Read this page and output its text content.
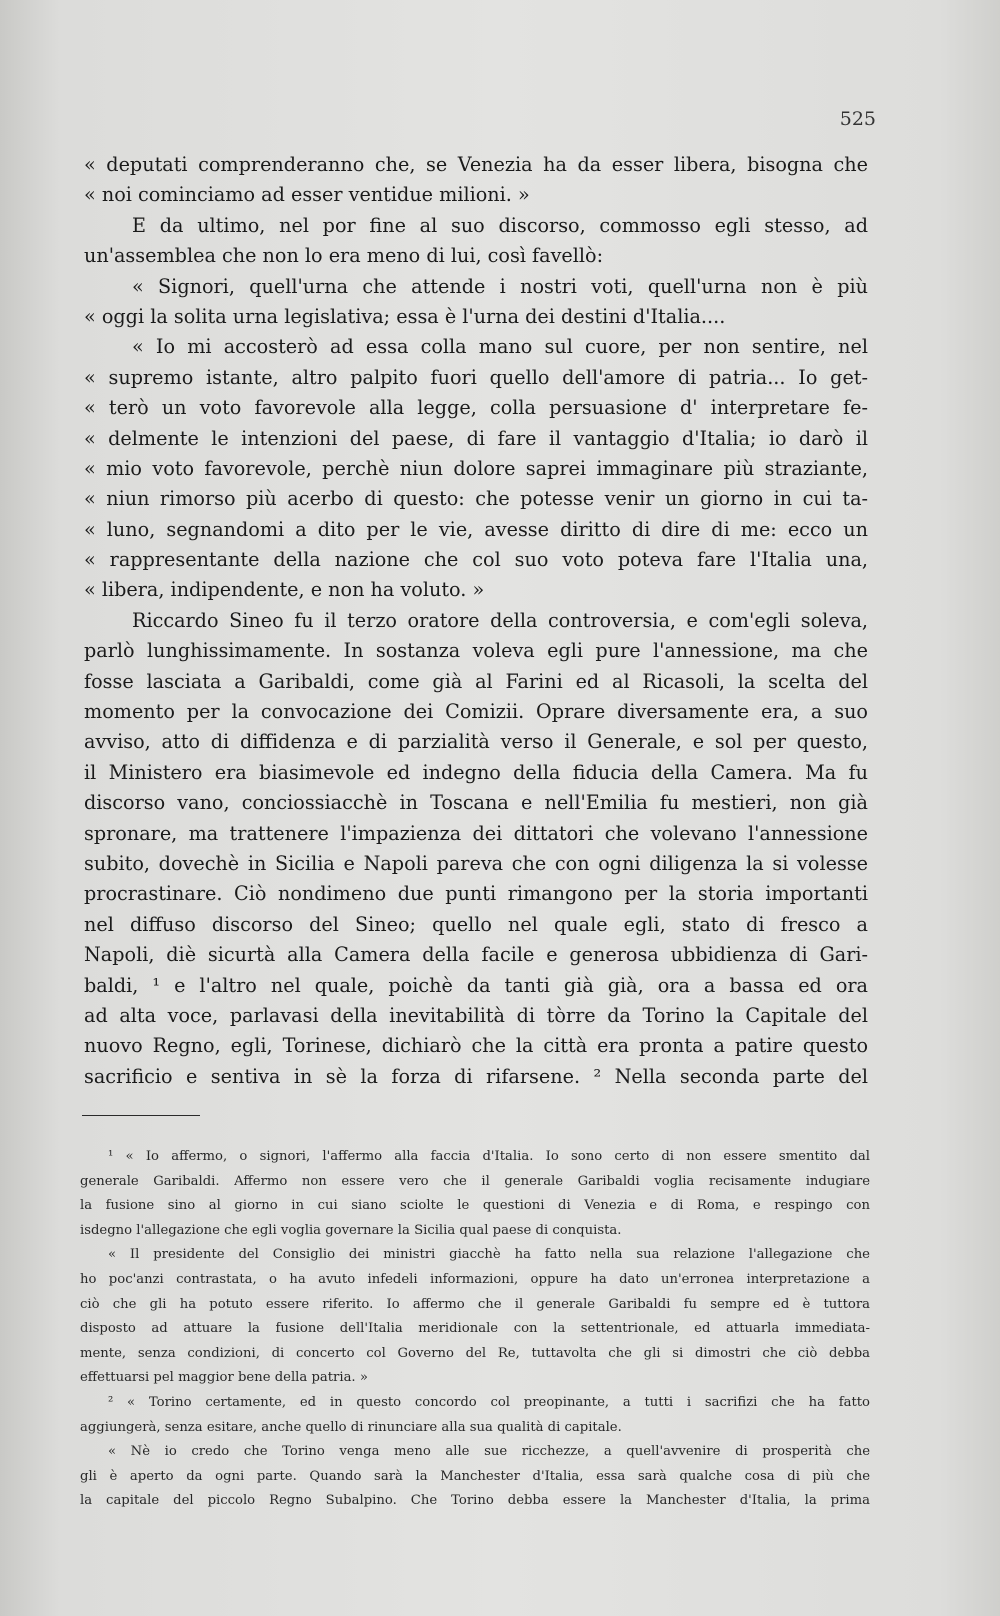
525
« deputati comprenderanno che, se Venezia ha da esser libera, bisogna che
« noi cominciamo ad esser ventidue milioni. »
E da ultimo, nel por fine al suo discorso, commosso egli stesso, ad
un'assemblea che non lo era meno di lui, così favellò:
« Signori, quell'urna che attende i nostri voti, quell'urna non è più
« oggi la solita urna legislativa; essa è l'urna dei destini d'Italia....
« Io mi accosterò ad essa colla mano sul cuore, per non sentire, nel
« supremo istante, altro palpito fuori quello dell'amore di patria... Io get-
« terò un voto favorevole alla legge, colla persuasione d' interpretare fe-
« delmente le intenzioni del paese, di fare il vantaggio d'Italia; io darò il
« mio voto favorevole, perchè niun dolore saprei immaginare più straziante,
« niun rimorso più acerbo di questo: che potesse venir un giorno in cui ta-
« luno, segnandomi a dito per le vie, avesse diritto di dire di me: ecco un
« rappresentante della nazione che col suo voto poteva fare l'Italia una,
« libera, indipendente, e non ha voluto. »
Riccardo Sineo fu il terzo oratore della controversia, e com'egli soleva,
parlò lunghissimamente. In sostanza voleva egli pure l'annessione, ma che
fosse lasciata a Garibaldi, come già al Farini ed al Ricasoli, la scelta del
momento per la convocazione dei Comizii. Oprare diversamente era, a suo
avviso, atto di diffidenza e di parzialità verso il Generale, e sol per questo,
il Ministero era biasimevole ed indegno della fiducia della Camera. Ma fu
discorso vano, conciossiacchè in Toscana e nell'Emilia fu mestieri, non già
spronare, ma trattenere l'impazienza dei dittatori che volevano l'annessione
subito, dovechè in Sicilia e Napoli pareva che con ogni diligenza la si volesse
procrastinare. Ciò nondimeno due punti rimangono per la storia importanti
nel diffuso discorso del Sineo; quello nel quale egli, stato di fresco a
Napoli, diè sicurtà alla Camera della facile e generosa ubbidienza di Gari-
baldi, ¹ e l'altro nel quale, poichè da tanti già già, ora a bassa ed ora
ad alta voce, parlavasi della inevitabilità di tòrre da Torino la Capitale del
nuovo Regno, egli, Torinese, dichiarò che la città era pronta a patire questo
sacrificio e sentiva in sè la forza di rifarsene. ² Nella seconda parte del
¹ « Io affermo, o signori, l'affermo alla faccia d'Italia. Io sono certo di non essere smentito dal
generale Garibaldi. Affermo non essere vero che il generale Garibaldi voglia recisamente indugiare
la fusione sino al giorno in cui siano sciolte le questioni di Venezia e di Roma, e respingo con
isdegno l'allegazione che egli voglia governare la Sicilia qual paese di conquista.
« Il presidente del Consiglio dei ministri giacchè ha fatto nella sua relazione l'allegazione che
ho poc'anzi contrastata, o ha avuto infedeli informazioni, oppure ha dato un'erronea interpretazione a
ciò che gli ha potuto essere riferito. Io affermo che il generale Garibaldi fu sempre ed è tuttora
disposto ad attuare la fusione dell'Italia meridionale con la settentrionale, ed attuarla immediata-
mente, senza condizioni, di concerto col Governo del Re, tuttavolta che gli si dimostri che ciò debba
effettuarsi pel maggior bene della patria. »
² « Torino certamente, ed in questo concordo col preopinante, a tutti i sacrifizi che ha fatto
aggiungerà, senza esitare, anche quello di rinunciare alla sua qualità di capitale.
« Nè io credo che Torino venga meno alle sue ricchezze, a quell'avvenire di prosperità che
gli è aperto da ogni parte. Quando sarà la Manchester d'Italia, essa sarà qualche cosa di più che
la capitale del piccolo Regno Subalpino. Che Torino debba essere la Manchester d'Italia, la prima
